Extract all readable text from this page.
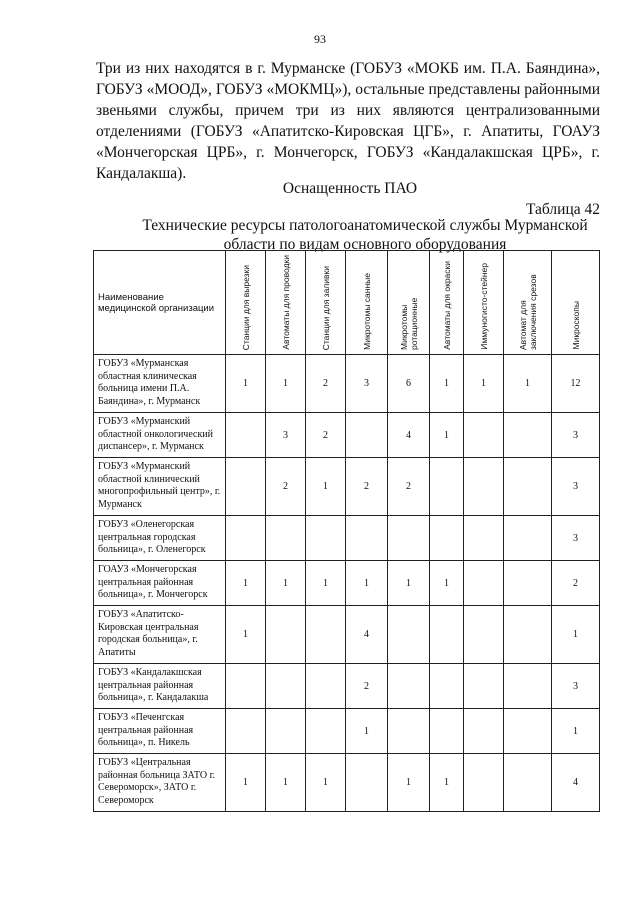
93

Три из них находятся в г. Мурманске (ГОБУЗ «МОКБ им. П.А. Баяндина», ГОБУЗ «МООД», ГОБУЗ «МОКМЦ»), остальные представлены районными звеньями службы, причем три из них являются централизованными отделениями (ГОБУЗ «Апатитско-Кировская ЦГБ», г. Апатиты, ГОАУЗ «Мончегорская ЦРБ», г. Мончегорск, ГОБУЗ «Кандалакшская ЦРБ», г. Кандалакша).

Оснащенность ПАО
Таблица 42
Технические ресурсы патологоанатомической службы Мурманской области по видам основного оборудования
Наименование медицинской организации	Станции для вырезки	Автоматы для проводки	Станции для заливки	Микротомы санные	Микротомы ротационные	Автоматы для окраски	Иммуногисто-стейнер	Автомат для заключения срезов	Микроскопы

ГОБУЗ «Мурманская областная клиническая больница имени П.А. Баяндина», г. Мурманск	1	1	2	3	6	1	1	1	12
ГОБУЗ «Мурманский областной онкологический диспансер», г. Мурманск		3	2		4	1			3
ГОБУЗ «Мурманский областной клинический многопрофильный центр», г. Мурманск		2	1	2	2				3
ГОБУЗ «Оленегорская центральная городская больница», г. Оленегорск									3
ГОАУЗ «Мончегорская центральная районная больница», г. Мончегорск	1	1	1	1	1	1			2
ГОБУЗ «Апатитско-Кировская центральная городская больница», г. Апатиты	1			4					1
ГОБУЗ «Кандалакшская центральная районная больница», г. Кандалакша				2					3
ГОБУЗ «Печенгская центральная районная больница», п. Никель				1					1
ГОБУЗ «Центральная районная больница ЗАТО г. Североморск», ЗАТО г. Североморск	1	1	1		1	1			4
